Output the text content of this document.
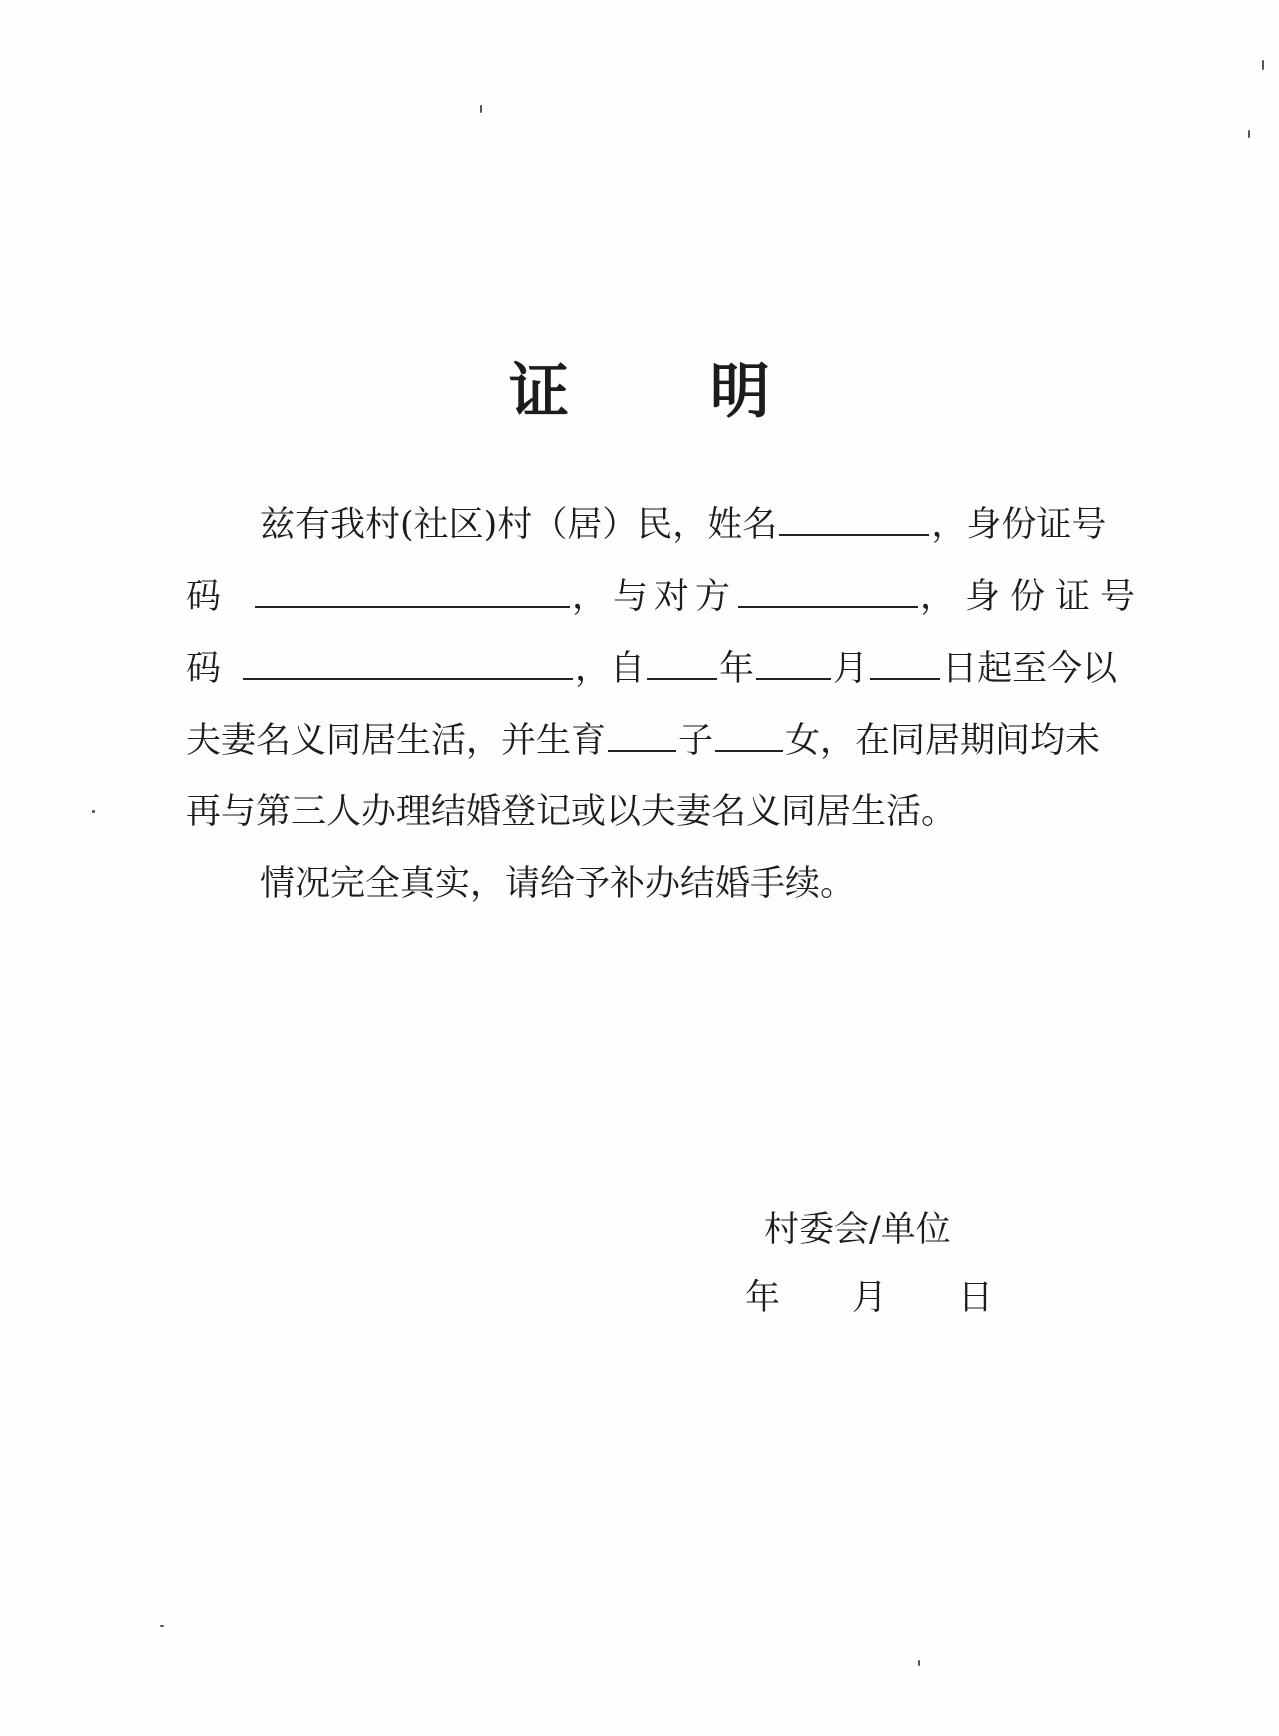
证 明
兹有我村(社区)村（居）民，姓名	，身份证号
码	，与对方	，身份证号
码	，自 年 月 日起至今以
夫妻名义同居生活，并生育 子 女，在同居期间均未
再与第三人办理结婚登记或以夫妻名义同居生活。
情况完全真实，请给予补办结婚手续。
村委会/单位
年 月 日
